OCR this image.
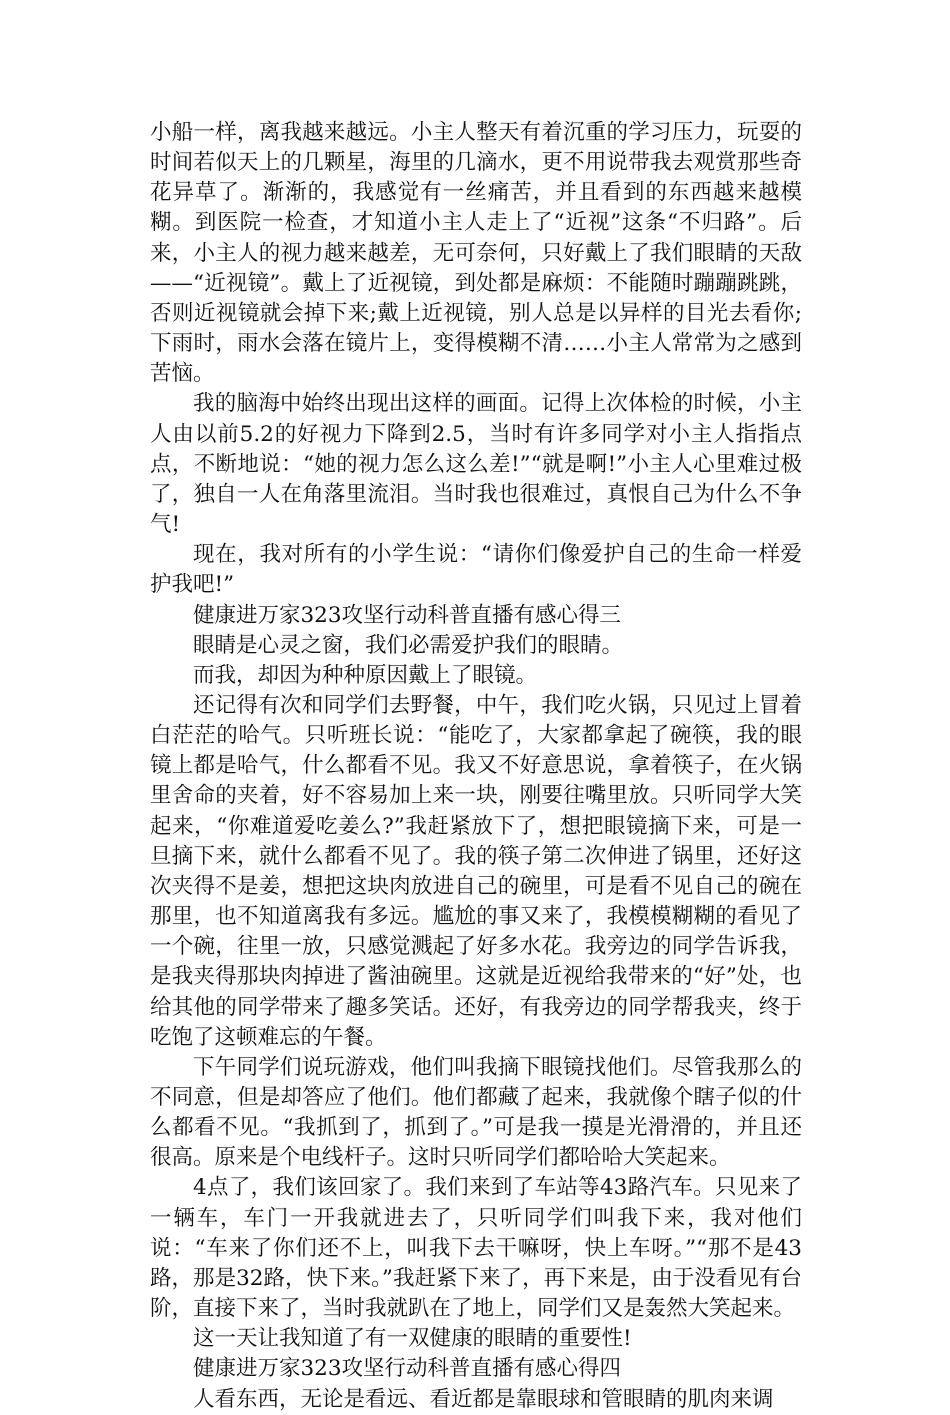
小船一样，离我越来越远。小主人整天有着沉重的学习压力，玩耍的时间若似天上的几颗星，海里的几滴水，更不用说带我去观赏那些奇花异草了。渐渐的，我感觉有一丝痛苦，并且看到的东西越来越模糊。到医院一检查，才知道小主人走上了“近视”这条“不归路”。后来，小主人的视力越来越差，无可奈何，只好戴上了我们眼睛的天敌——“近视镜”。戴上了近视镜，到处都是麻烦：不能随时蹦蹦跳跳，否则近视镜就会掉下来;戴上近视镜，别人总是以异样的目光去看你;下雨时，雨水会落在镜片上，变得模糊不清……小主人常常为之感到苦恼。

我的脑海中始终出现出这样的画面。记得上次体检的时候，小主人由以前5.2的好视力下降到2.5，当时有许多同学对小主人指指点点，不断地说：“她的视力怎么这么差!”“就是啊!”小主人心里难过极了，独自一人在角落里流泪。当时我也很难过，真恨自己为什么不争气!

现在，我对所有的小学生说：“请你们像爱护自己的生命一样爱护我吧!”

健康进万家323攻坚行动科普直播有感心得三

眼睛是心灵之窗，我们必需爱护我们的眼睛。

而我，却因为种种原因戴上了眼镜。

还记得有次和同学们去野餐，中午，我们吃火锅，只见过上冒着白茫茫的哈气。只听班长说：“能吃了，大家都拿起了碗筷，我的眼镜上都是哈气，什么都看不见。我又不好意思说，拿着筷子，在火锅里舍命的夹着，好不容易加上来一块，刚要往嘴里放。只听同学大笑起来，“你难道爱吃姜么?”我赶紧放下了，想把眼镜摘下来，可是一旦摘下来，就什么都看不见了。我的筷子第二次伸进了锅里，还好这次夹得不是姜，想把这块肉放进自己的碗里，可是看不见自己的碗在那里，也不知道离我有多远。尴尬的事又来了，我模模糊糊的看见了一个碗，往里一放，只感觉溅起了好多水花。我旁边的同学告诉我，是我夹得那块肉掉进了酱油碗里。这就是近视给我带来的“好”处，也给其他的同学带来了趣多笑话。还好，有我旁边的同学帮我夹，终于吃饱了这顿难忘的午餐。

下午同学们说玩游戏，他们叫我摘下眼镜找他们。尽管我那么的不同意，但是却答应了他们。他们都藏了起来，我就像个瞎子似的什么都看不见。“我抓到了，抓到了。”可是我一摸是光滑滑的，并且还很高。原来是个电线杆子。这时只听同学们都哈哈大笑起来。

4点了，我们该回家了。我们来到了车站等43路汽车。只见来了一辆车，车门一开我就进去了，只听同学们叫我下来，我对他们说：“车来了你们还不上，叫我下去干嘛呀，快上车呀。”“那不是43路，那是32路，快下来。”我赶紧下来了，再下来是，由于没看见有台阶，直接下来了，当时我就趴在了地上，同学们又是轰然大笑起来。

这一天让我知道了有一双健康的眼睛的重要性!

健康进万家323攻坚行动科普直播有感心得四

人看东西，无论是看远、看近都是靠眼球和管眼睛的肌肉来调
